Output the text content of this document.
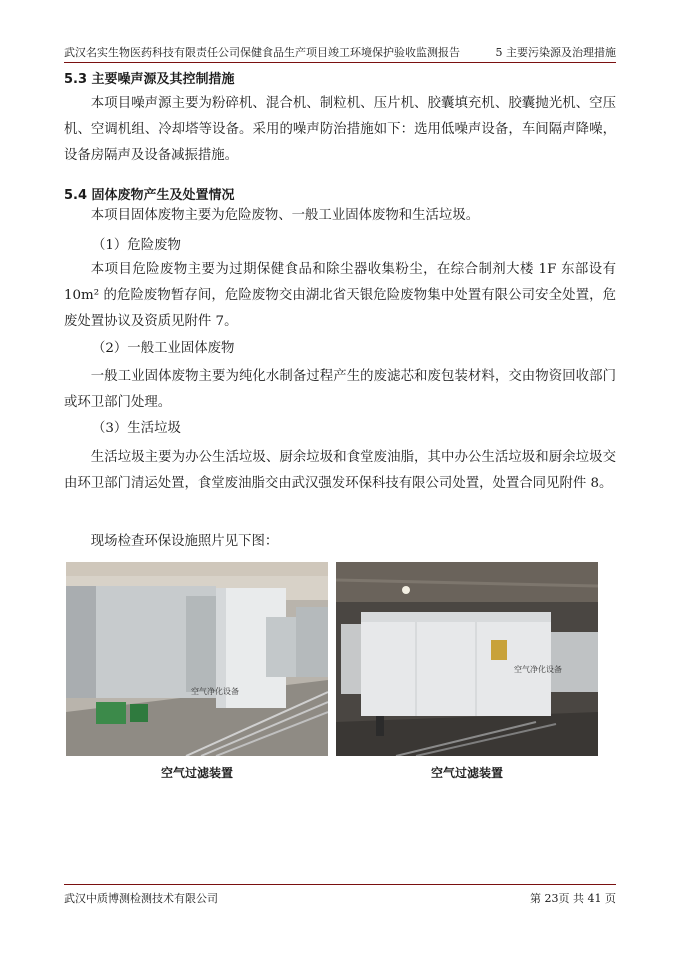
武汉名实生物医药科技有限责任公司保健食品生产项目竣工环境保护验收监测报告	5 主要污染源及治理措施
5.3 主要噪声源及其控制措施

本项目噪声源主要为粉碎机、混合机、制粒机、压片机、胶囊填充机、胶囊抛光机、空压机、空调机组、冷却塔等设备。采用的噪声防治措施如下：选用低噪声设备，车间隔声降噪，设备房隔声及设备减振措施。

5.4 固体废物产生及处置情况

本项目固体废物主要为危险废物、一般工业固体废物和生活垃圾。

（1）危险废物

本项目危险废物主要为过期保健食品和除尘器收集粉尘，在综合制剂大楼 1F 东部设有 10m² 的危险废物暂存间，危险废物交由湖北省天银危险废物集中处置有限公司安全处置，危废处置协议及资质见附件 7。

（2）一般工业固体废物

一般工业固体废物主要为纯化水制备过程产生的废滤芯和废包装材料，交由物资回收部门或环卫部门处理。

（3）生活垃圾

生活垃圾主要为办公生活垃圾、厨余垃圾和食堂废油脂，其中办公生活垃圾和厨余垃圾交由环卫部门清运处置，食堂废油脂交由武汉强发环保科技有限公司处置，处置合同见附件 8。

现场检查环保设施照片见下图：

空气净化设备
空气过滤装置
空气净化设备
空气过滤装置
武汉中质博测检测技术有限公司	第 23页 共 41 页
